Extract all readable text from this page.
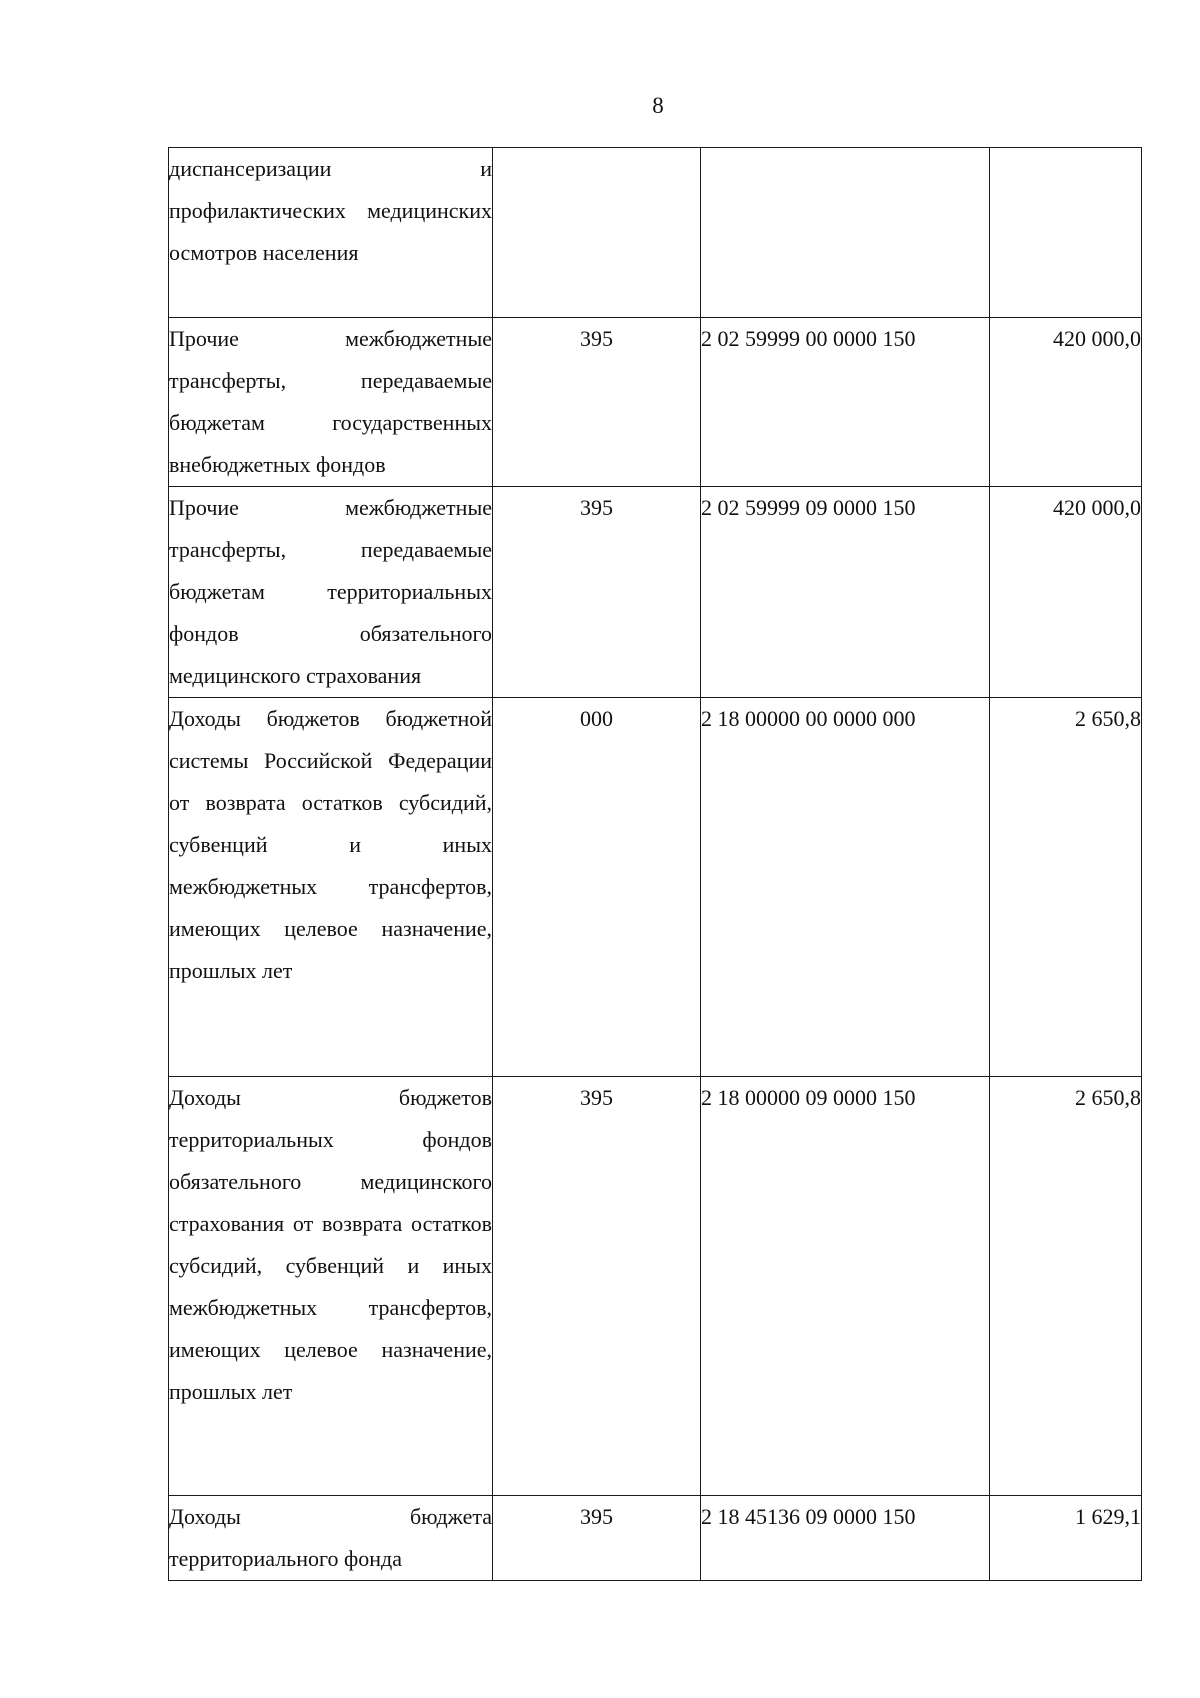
8
диспансеризации и профилактических медицинских осмотров населения			
Прочие межбюджетные трансферты, передаваемые бюджетам государственных внебюджетных фондов	395	2 02 59999 00 0000 150	420 000,0
Прочие межбюджетные трансферты, передаваемые бюджетам территориальных фондов обязательного медицинского страхования	395	2 02 59999 09 0000 150	420 000,0
Доходы бюджетов бюджетной системы Российской Федерации от возврата остатков субсидий, субвенций и иных межбюджетных трансфертов, имеющих целевое назначение, прошлых лет	000	2 18 00000 00 0000 000	2 650,8
Доходы бюджетов территориальных фондов обязательного медицинского страхования от возврата остатков субсидий, субвенций и иных межбюджетных трансфертов, имеющих целевое назначение, прошлых лет	395	2 18 00000 09 0000 150	2 650,8
Доходы бюджета территориального фонда	395	2 18 45136 09 0000 150	1 629,1
